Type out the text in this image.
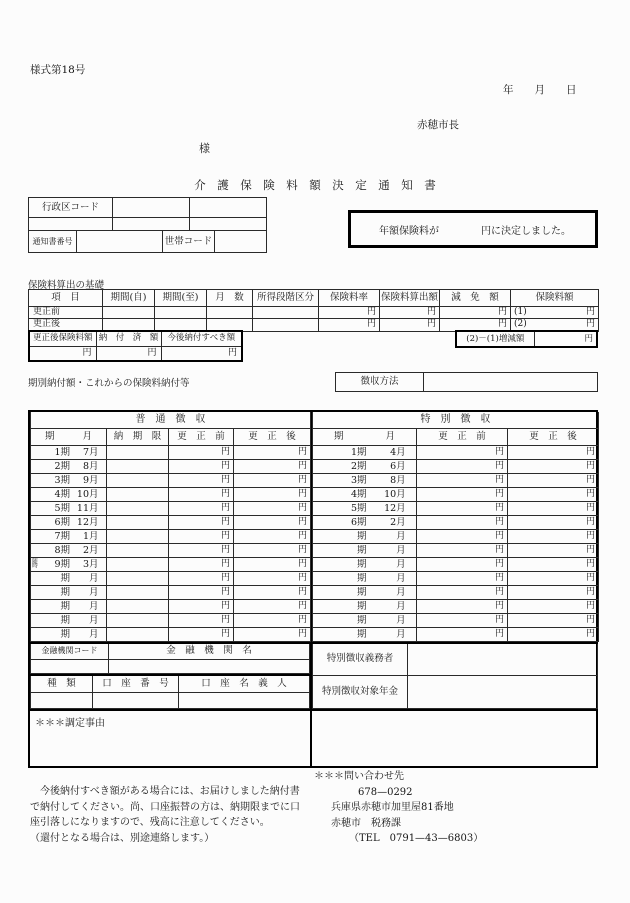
様式第18号
年　　月　　日
赤穂市長
様
介　護　保　険　料　額　決　定　通　知　書
行政区コード		

通知書番号		世帯コード	
年額保険料が	円に決定しました。
保険料算出の基礎
項　目	期間(自)	期間(至)	月　数	所得段階区分	保険料率	保険料算出額	減　免　額	保険料額
更正前					円	円	円	(1) 円
更正後					円	円	円	(2) 円
更正後保険料額	納　付　済　額	今後納付すべき額
円	円	円
(2)－(1)増減額	円
期別納付額・これからの保険料納付等	徴収方法	
普　通　徴　収			

期 月	納　期　限	更　正　前	更　正　後

1期 7月		円	円

2期 8月		円	円

3期 9月		円	円

4期 10月		円	円

5期 11月		円	円

6期 12月		円	円

7期 1月		円	円

8期 2月		円	円

随時 9期 3月		円	円

期 月		円	円

期 月		円	円

期 月		円	円

期 月		円	円

期 月		円	円
金融機関コード	金　融　機　関　名

種　類	口　座　番　号	口　座　名　義　人

＊＊＊調定事由
特　別　徴　収		

期 月	更　正　前	更　正　後

1期 4月	円	円

2期 6月	円	円

3期 8月	円	円

4期 10月	円	円

5期 12月	円	円

6期 2月	円	円

期 月	円	円

期 月	円	円

期 月	円	円

期 月	円	円

期 月	円	円

期 月	円	円

期 月	円	円

期 月	円	円
特別徴収義務者	
特別徴収対象年金	
　今後納付すべき額がある場合には、お届けしました納付書
で納付してください。尚、口座振替の方は、納期限までに口
座引落しになりますので、残高に注意してください。
（還付となる場合は、別途連絡します。）
＊＊＊問い合わせ先
678—0292
兵庫県赤穂市加里屋81番地
赤穂市　税務課
（TEL　0791—43—6803）
